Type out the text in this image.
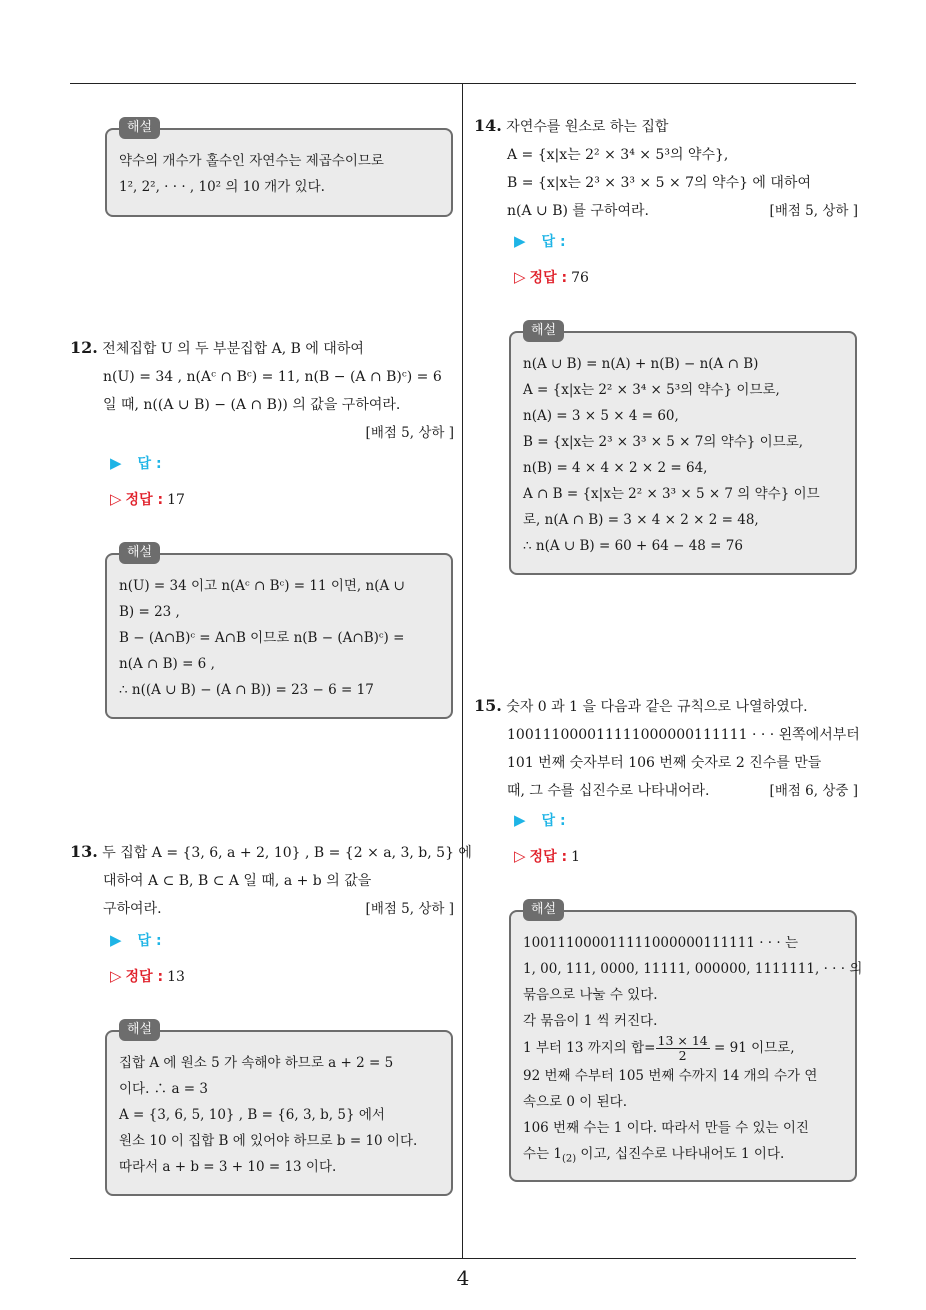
4
해설
약수의 개수가 홀수인 자연수는 제곱수이므로
1², 2², · · · , 10² 의 10 개가 있다.
12. 전체집합 U 의 두 부분집합 A, B 에 대하여
n(U) = 34 , n(Aᶜ ∩ Bᶜ) = 11, n(B − (A ∩ B)ᶜ) = 6
일 때, n((A ∪ B) − (A ∩ B)) 의 값을 구하여라.
[배점 5, 상하 ]
▶ 답 :
▷ 정답 : 17
해설
n(U) = 34 이고 n(Aᶜ ∩ Bᶜ) = 11 이면, n(A ∪
B) = 23 ,
B − (A∩B)ᶜ = A∩B 이므로 n(B − (A∩B)ᶜ) =
n(A ∩ B) = 6 ,
∴ n((A ∪ B) − (A ∩ B)) = 23 − 6 = 17
13. 두 집합 A = {3, 6, a + 2, 10} , B = {2 × a, 3, b, 5} 에
대하여 A ⊂ B, B ⊂ A 일 때, a + b 의 값을
구하여라.	[배점 5, 상하 ]
▶ 답 :
▷ 정답 : 13
해설
집합 A 에 원소 5 가 속해야 하므로 a + 2 = 5
이다. ∴ a = 3
A = {3, 6, 5, 10} , B = {6, 3, b, 5} 에서
원소 10 이 집합 B 에 있어야 하므로 b = 10 이다.
따라서 a + b = 3 + 10 = 13 이다.
14. 자연수를 원소로 하는 집합
A = {x|x는 2² × 3⁴ × 5³의 약수},
B = {x|x는 2³ × 3³ × 5 × 7의 약수} 에 대하여
n(A ∪ B) 를 구하여라.	[배점 5, 상하 ]
▶ 답 :
▷ 정답 : 76
해설
n(A ∪ B) = n(A) + n(B) − n(A ∩ B)
A = {x|x는 2² × 3⁴ × 5³의 약수} 이므로,
n(A) = 3 × 5 × 4 = 60,
B = {x|x는 2³ × 3³ × 5 × 7의 약수} 이므로,
n(B) = 4 × 4 × 2 × 2 = 64,
A ∩ B = {x|x는 2² × 3³ × 5 × 7 의 약수} 이므
로, n(A ∩ B) = 3 × 4 × 2 × 2 = 48,
∴ n(A ∪ B) = 60 + 64 − 48 = 76
15. 숫자 0 과 1 을 다음과 같은 규칙으로 나열하였다.
100111000011111000000111111 · · · 왼쪽에서부터
101 번째 숫자부터 106 번째 숫자로 2 진수를 만들
때, 그 수를 십진수로 나타내어라.	[배점 6, 상중 ]
▶ 답 :
▷ 정답 : 1
해설
100111000011111000000111111 · · · 는
1, 00, 111, 0000, 11111, 000000, 1111111, · · · 의
묶음으로 나눌 수 있다.
각 묶음이 1 씩 커진다.
1 부터 13 까지의 합= $\frac{13 \times 14}{2} = 91$ 이므로,
92 번째 수부터 105 번째 수까지 14 개의 수가 연
속으로 0 이 된다.
106 번째 수는 1 이다. 따라서 만들 수 있는 이진
수는 $1_{(2)}$ 이고, 십진수로 나타내어도 1 이다.
